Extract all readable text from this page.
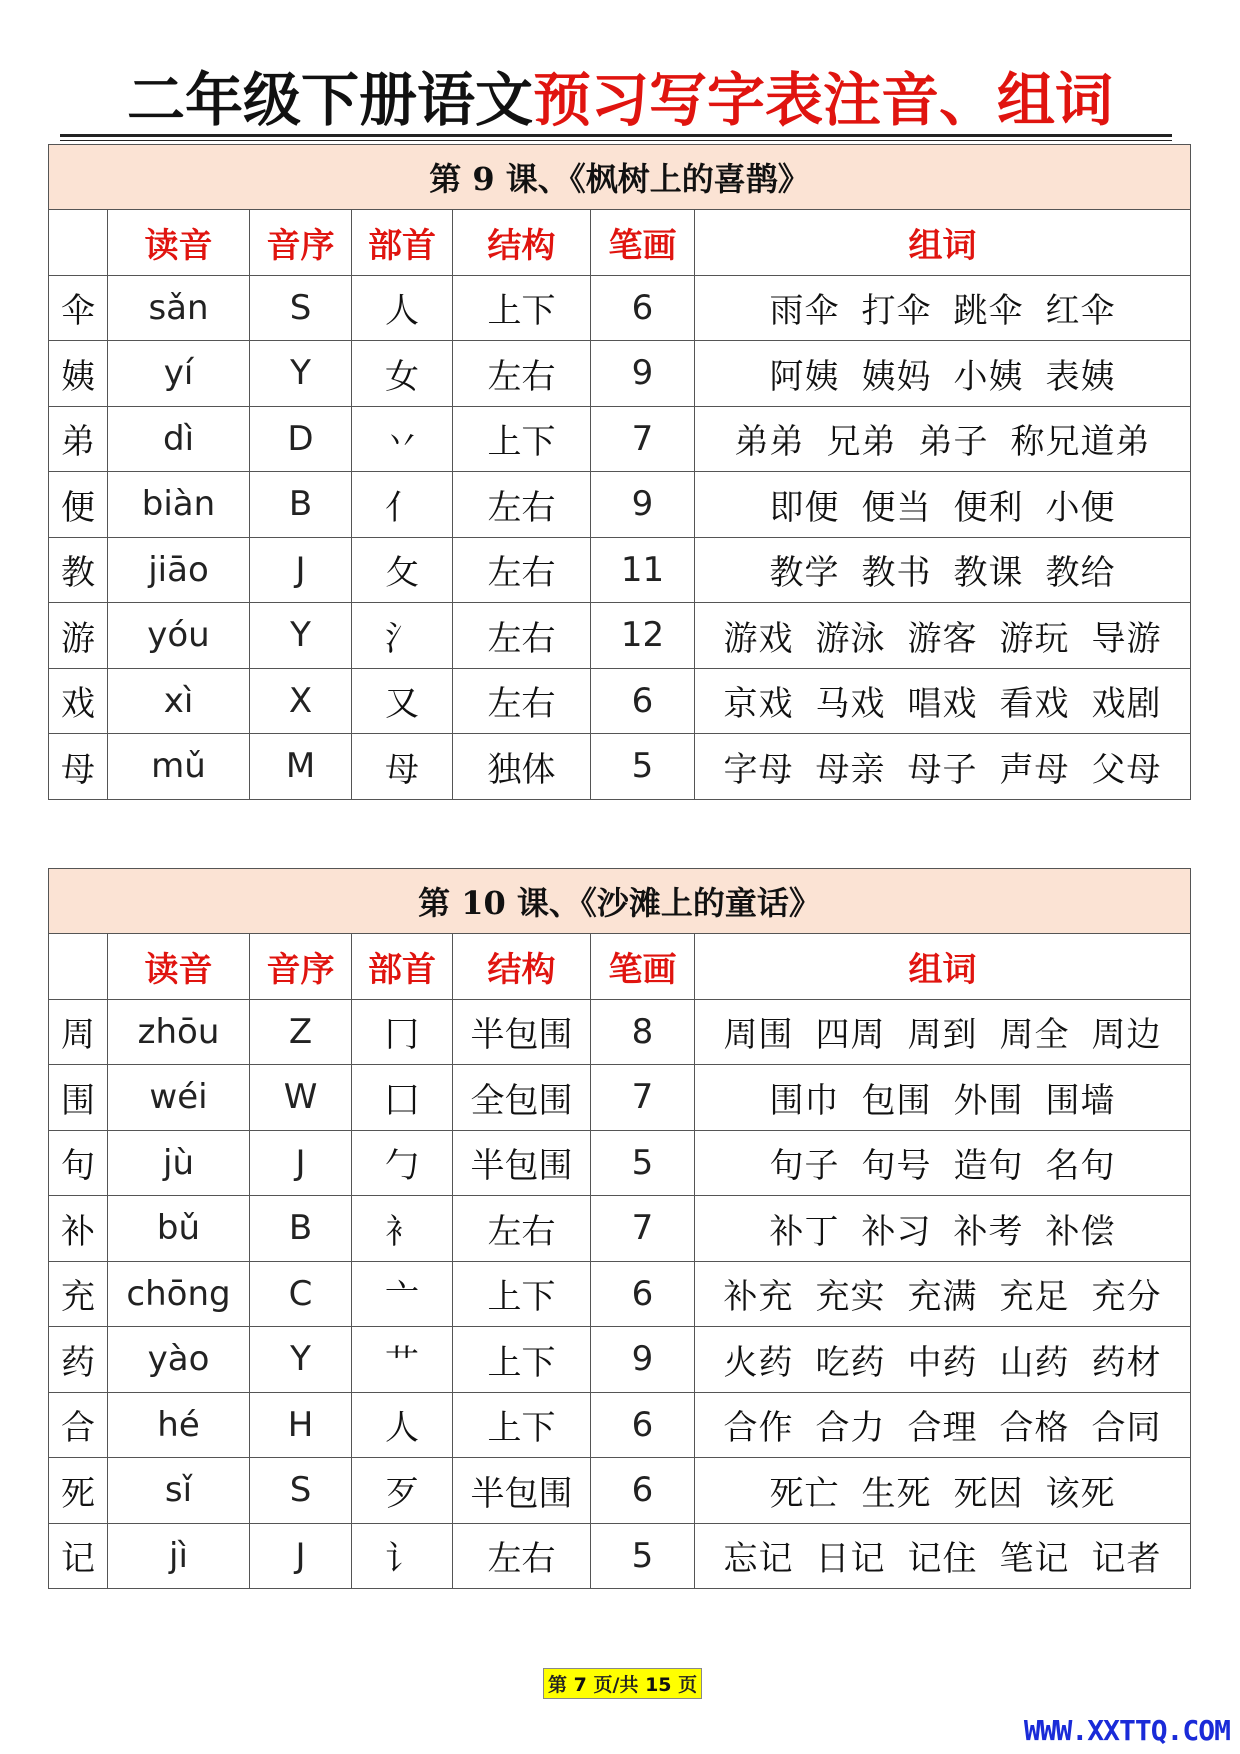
二年级下册语文预习写字表注音、组词
第 9 课、《枫树上的喜鹊》						
	读音	音序	部首	结构	笔画	组词
伞	sǎn	S	人	上下	6	雨伞 打伞 跳伞 红伞
姨	yí	Y	女	左右	9	阿姨 姨妈 小姨 表姨
弟	dì	D	丷	上下	7	弟弟 兄弟 弟子 称兄道弟
便	biàn	B	亻	左右	9	即便 便当 便利 小便
教	jiāo	J	攵	左右	11	教学 教书 教课 教给
游	yóu	Y	氵	左右	12	游戏 游泳 游客 游玩 导游
戏	xì	X	又	左右	6	京戏 马戏 唱戏 看戏 戏剧
母	mǔ	M	母	独体	5	字母 母亲 母子 声母 父母
第 10 课、《沙滩上的童话》						
	读音	音序	部首	结构	笔画	组词
周	zhōu	Z	冂	半包围	8	周围 四周 周到 周全 周边
围	wéi	W	囗	全包围	7	围巾 包围 外围 围墙
句	jù	J	勹	半包围	5	句子 句号 造句 名句
补	bǔ	B	衤	左右	7	补丁 补习 补考 补偿
充	chōng	C	亠	上下	6	补充 充实 充满 充足 充分
药	yào	Y	艹	上下	9	火药 吃药 中药 山药 药材
合	hé	H	人	上下	6	合作 合力 合理 合格 合同
死	sǐ	S	歹	半包围	6	死亡 生死 死因 该死
记	jì	J	讠	左右	5	忘记 日记 记住 笔记 记者
第 7 页/共 15 页
WWW.XXTTQ.COM
